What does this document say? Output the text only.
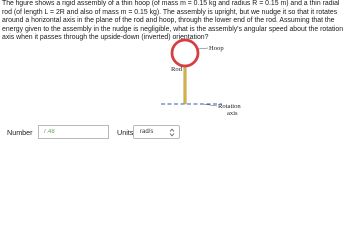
The figure shows a rigid assembly of a thin hoop (of mass m = 0.15 kg and radius R = 0.15 m) and a thin radial rod (of length L = 2R and also of mass m = 0.15 kg). The assembly is upright, but we nudge it so that it rotates around a horizontal axis in the plane of the rod and hoop, through the lower end of the rod. Assuming that the energy given to the assembly in the nudge is negligible, what is the assembly's angular speed about the rotation axis when it passes through the upside-down (inverted) orientation?
Hoop
Rod
Rotation
axis
Number
7.48	Units rad/s
